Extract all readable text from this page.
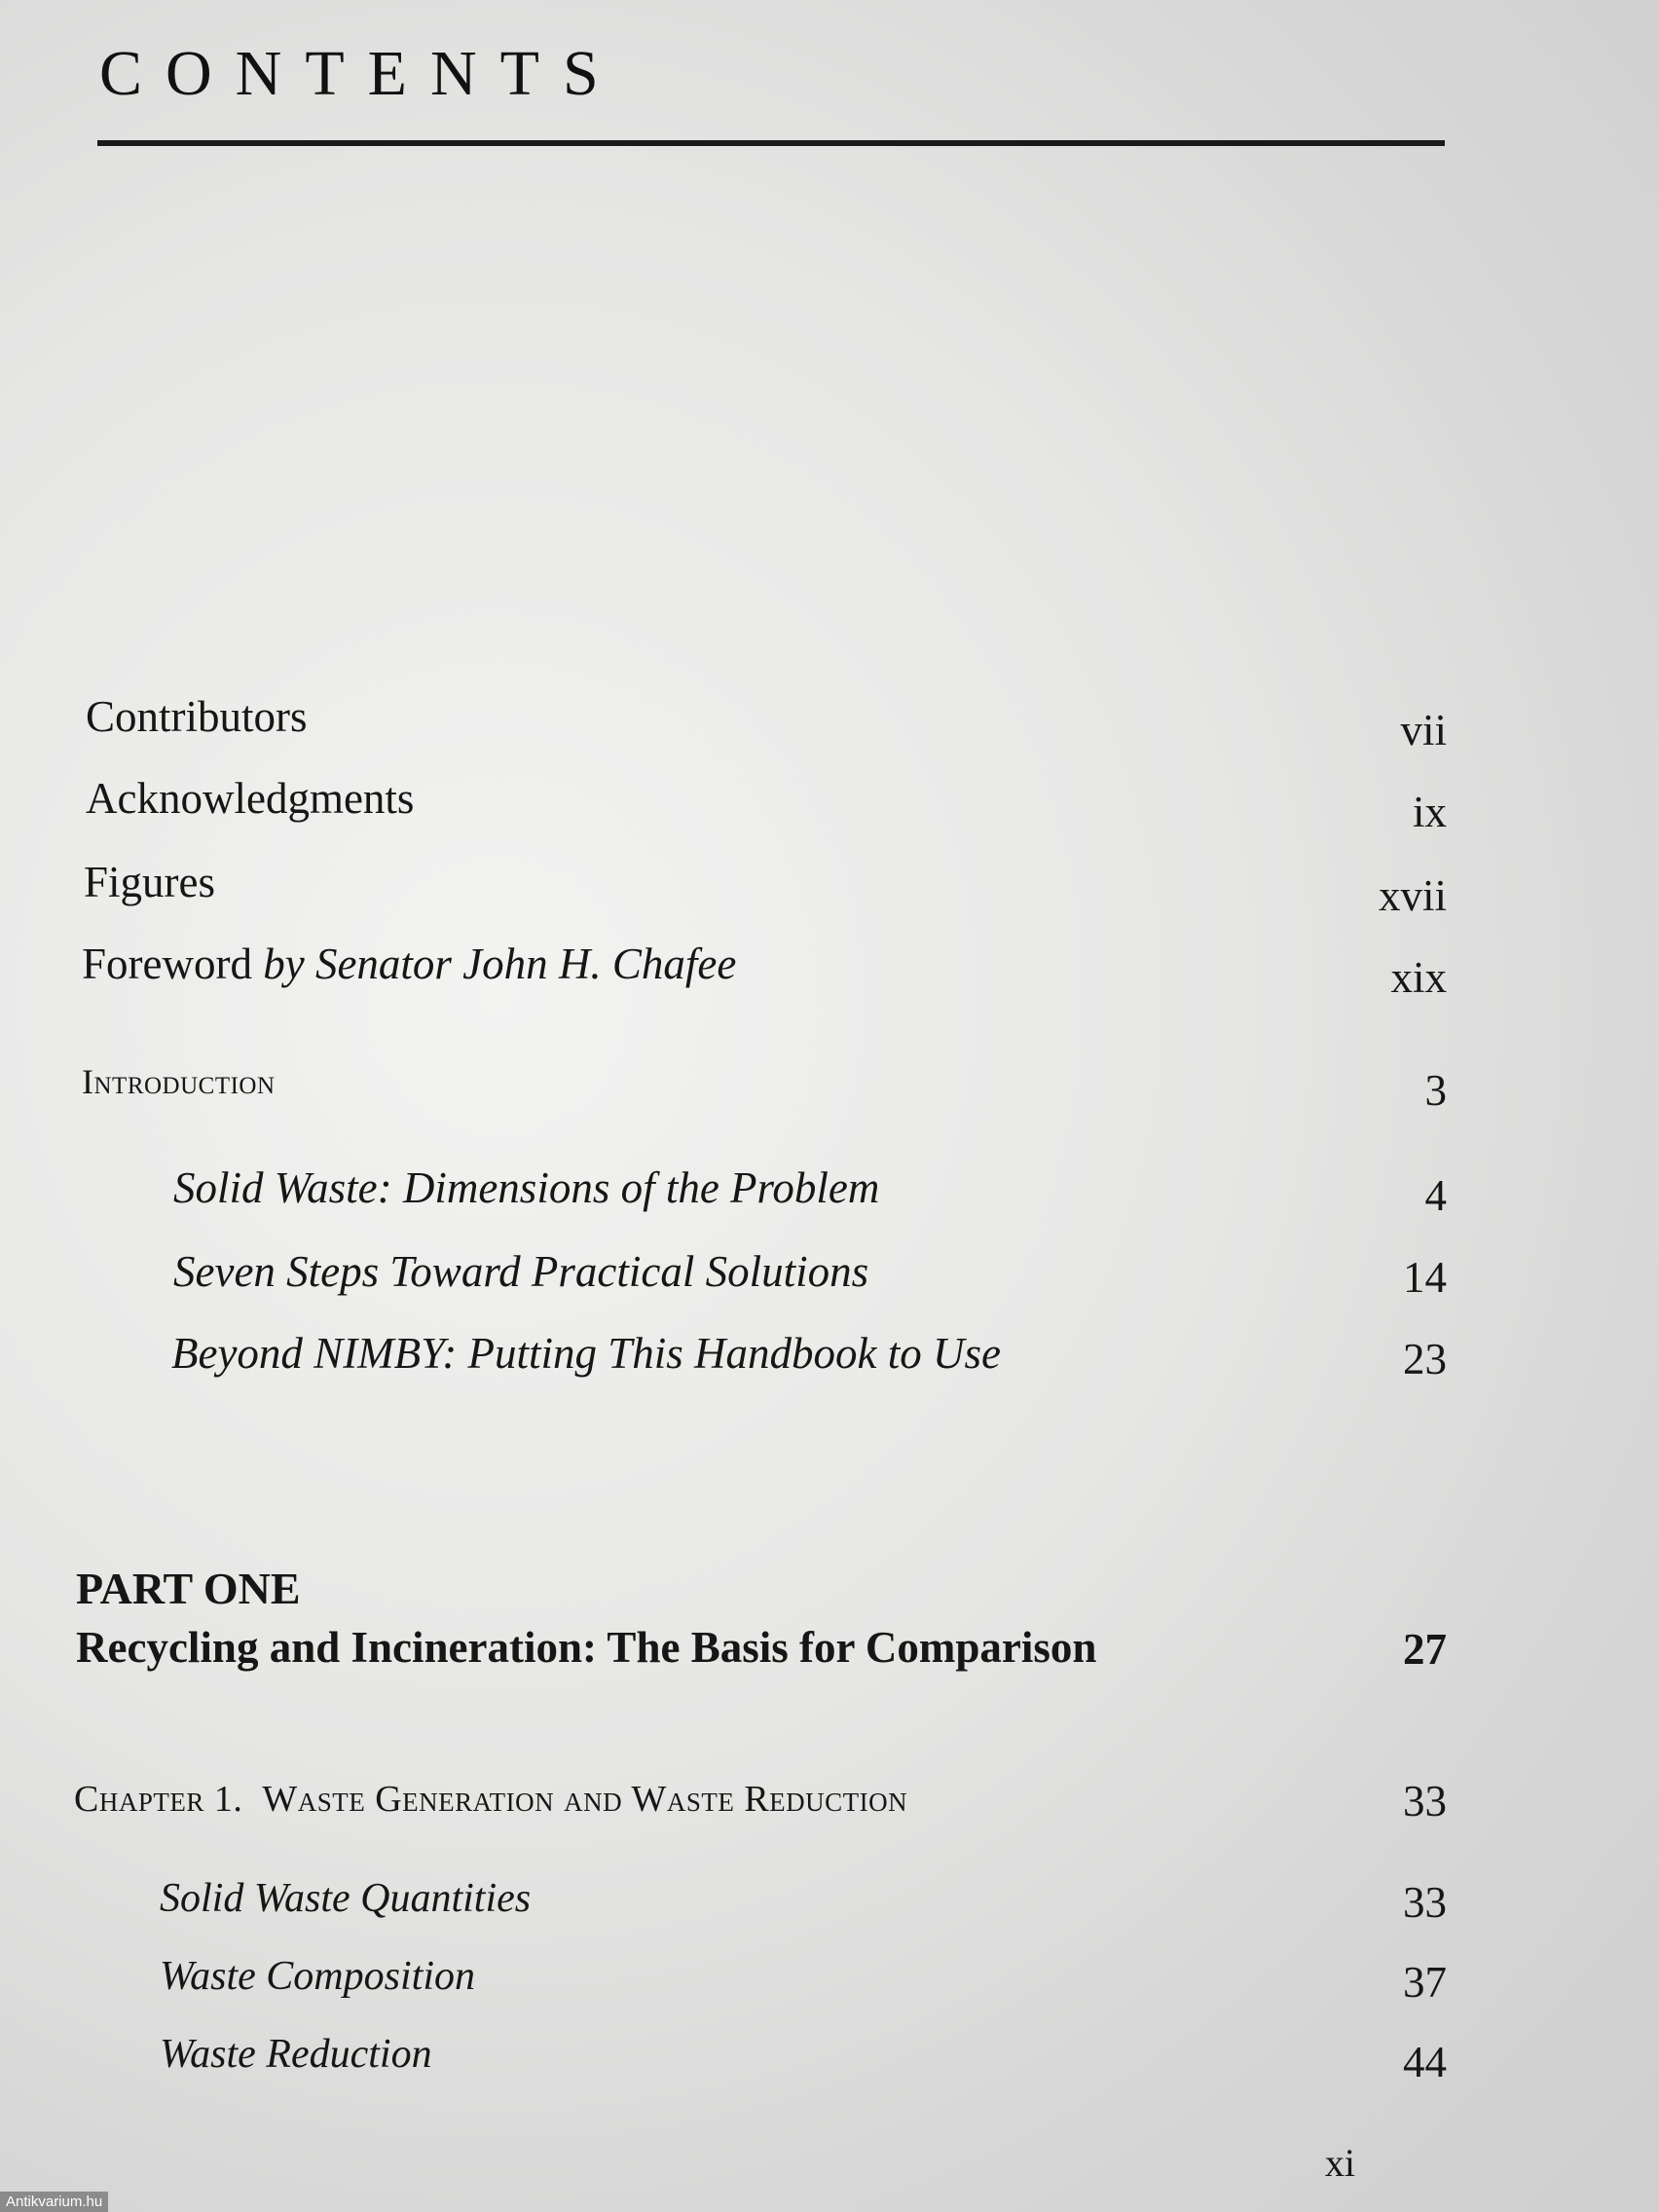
CONTENTS
Contributors	vii
Acknowledgments	ix
Figures	xvii
Foreword by Senator John H. Chafee	xix
Introduction	3
Solid Waste: Dimensions of the Problem	4
Seven Steps Toward Practical Solutions	14
Beyond NIMBY: Putting This Handbook to Use	23
PART ONE
Recycling and Incineration: The Basis for Comparison	27
Chapter 1. Waste Generation and Waste Reduction	33
Solid Waste Quantities	33
Waste Composition	37
Waste Reduction	44
xi
Antikvarium.hu
